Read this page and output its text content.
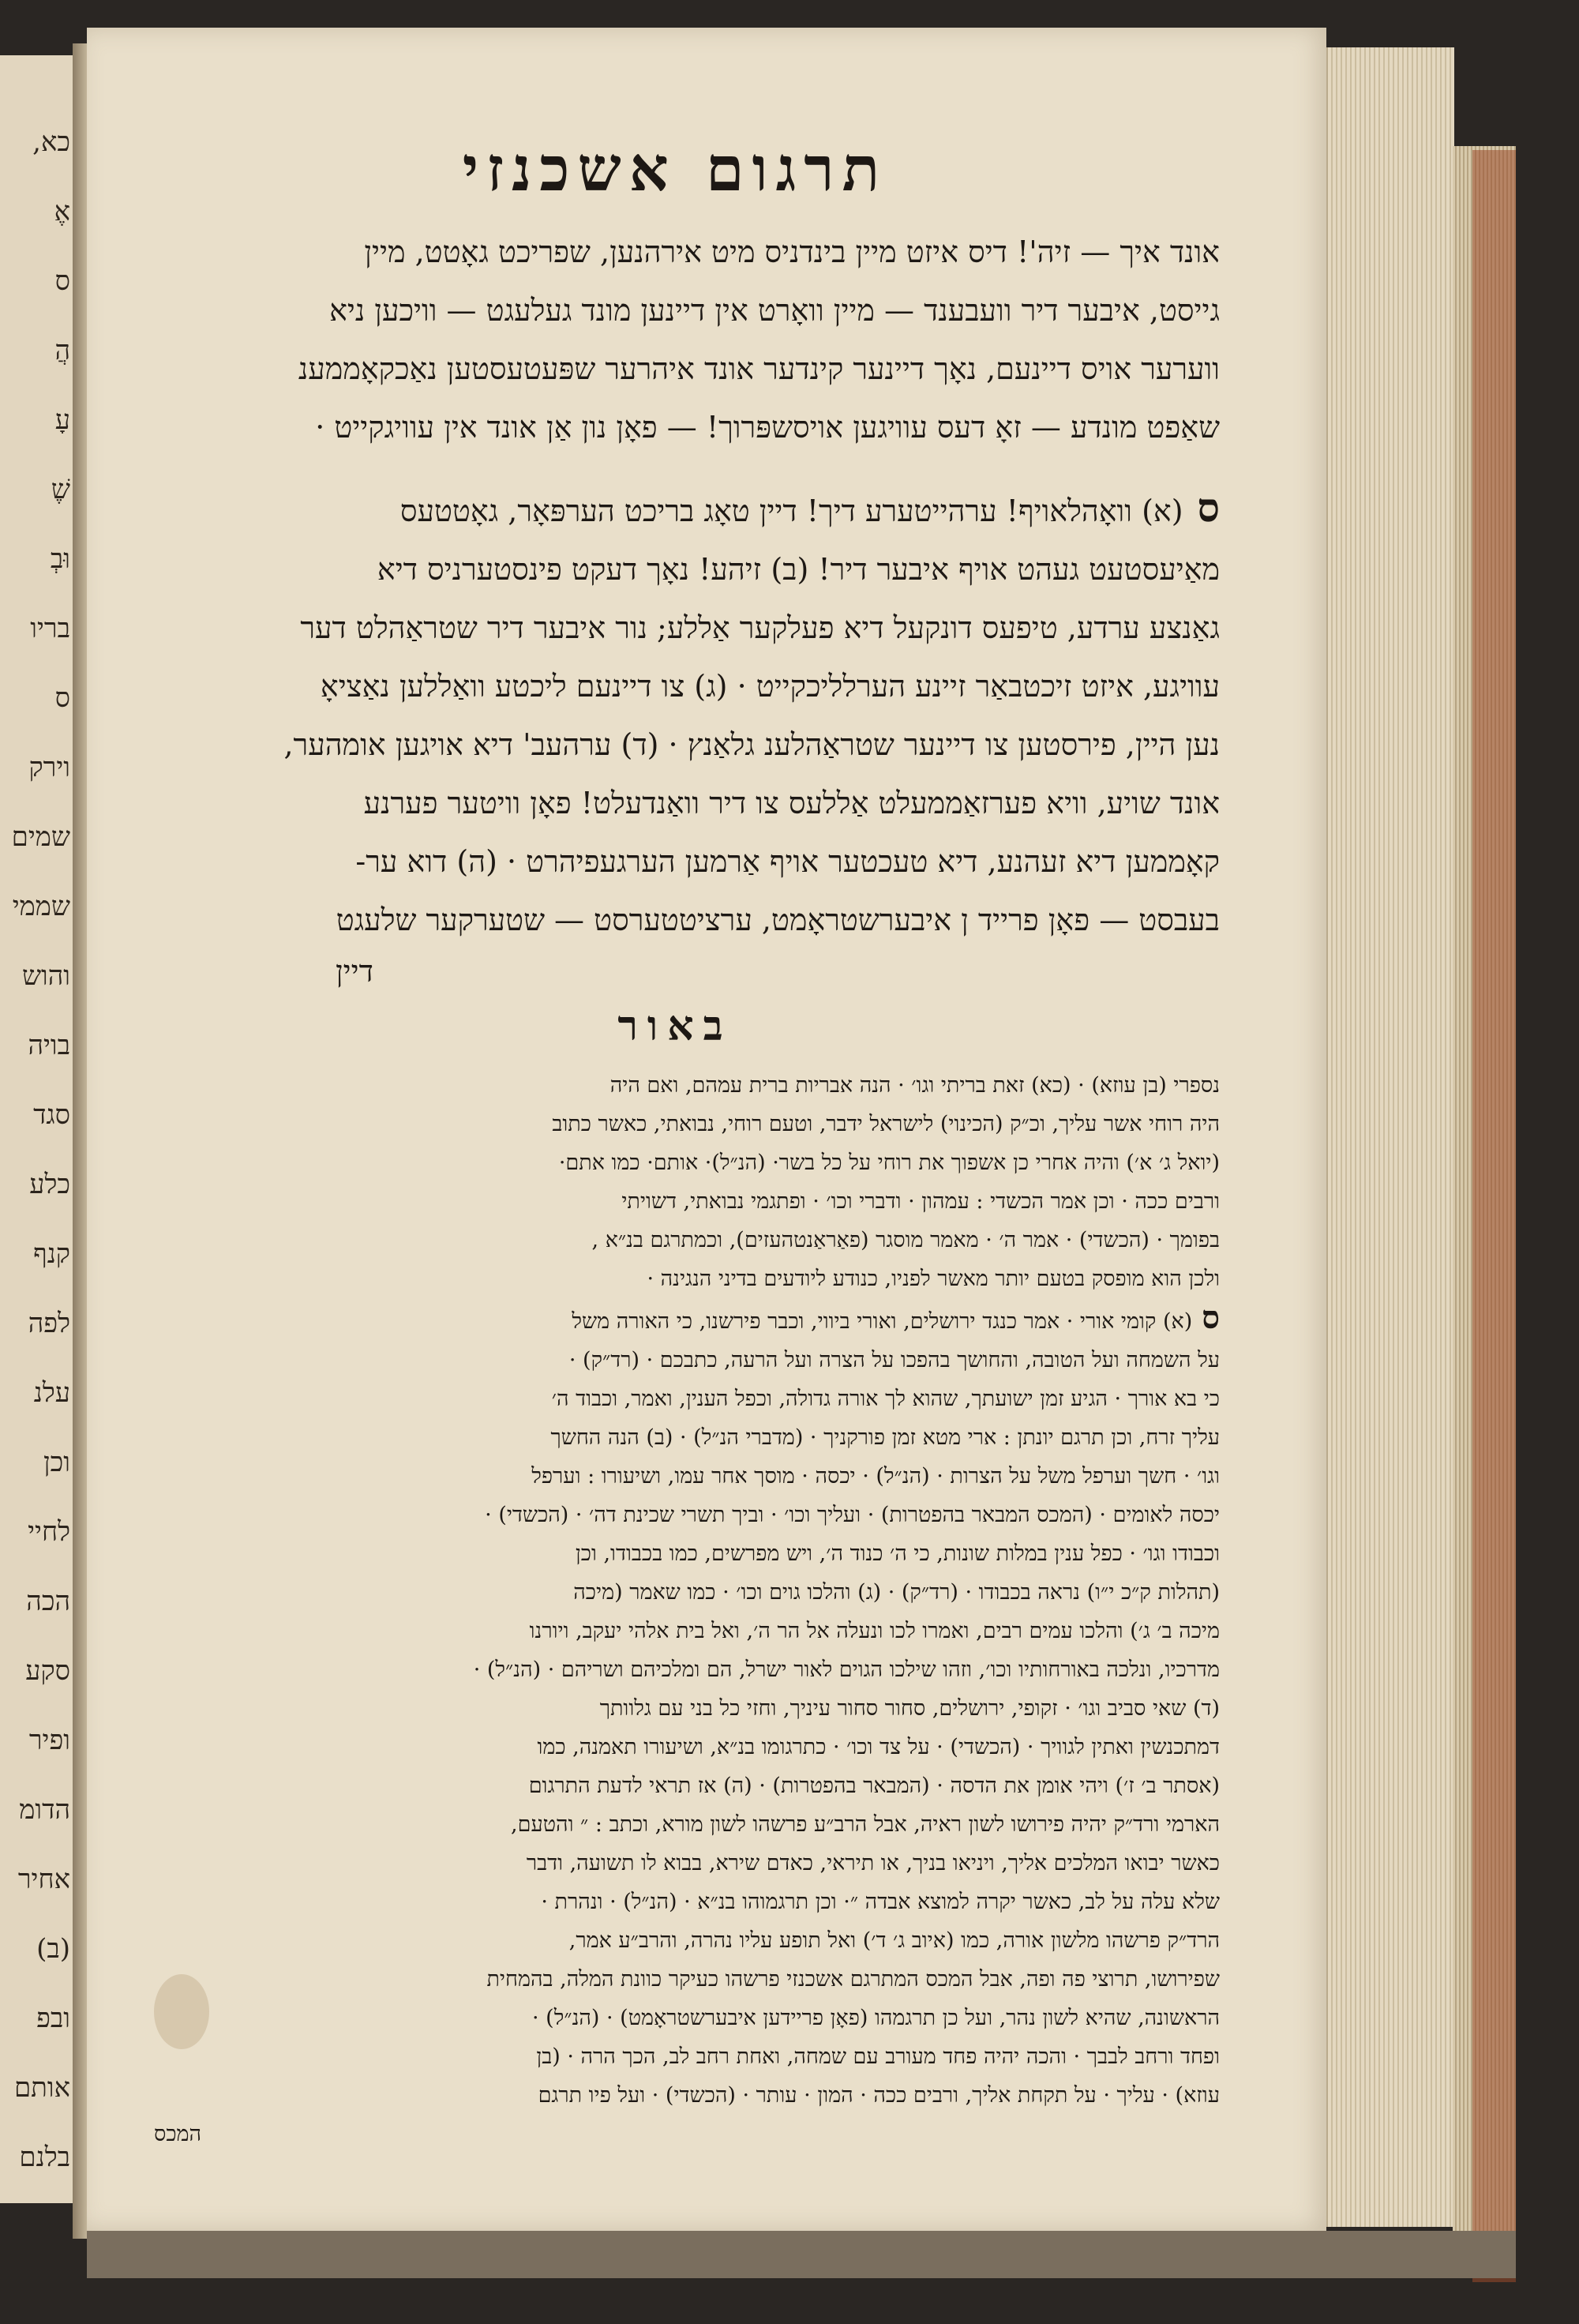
כא,
אֶ
ס
הֲ
עָ
שֶׁ
וּבְ
בריו
ס
וירק
שמים
שממי
והוש
בויה
סגד
כלע
קנף
לפה
עלנ
וכן
לחיי
הכה
סקע
ופיר
הדומ
אחיר
(ב)
ובפ
אותם
בלנם
תרגום אשכנזי
אונד איך — זיה'! דיס איזט מיין בינדניס מיט אירהנען, שפריכט גאָטט, מיין
גייסט, איבער דיר וועבענד — מיין וואָרט אין דיינען מונד געלעגט — וויכען ניא
ווערער אויס דיינעם, נאָך דיינער קינדער אונד איהרער שפּעטעסטען נאַכקאָממענ
שאַפט מונדע — זאָ דעס עוויגען אויסשפּרוך! — פאָן נון אַן אונד אין עוויגקייט ·
ס(א) וואָהלאויף! ערהייטערע דיך! דיין טאָג בריכט הערפּאָר, גאָטטעס
מאַיעסטעט געהט אויף איבער דיר! (ב) זיהע! נאָך דעקט פינסטערניס דיא
גאַנצע ערדע, טיפעס דונקעל דיא פעלקער אַללע; נור איבער דיר שטראַהלט דער
עוויגע, איזט זיכטבאַר זיינע הערלליכקייט · (ג) צו דיינעם ליכטע וואַללען נאַציאָ
נען היין, פירסטען צו דיינער שטראַהלענ גלאַנץ · (ד) ערהעב' דיא אויגען אומהער,
אונד שויע, וויא פערזאַממעלט אַללעס צו דיר וואַנדעלט! פאָן וויטער פערנע
קאָממען דיא זעהנע, דיא טעכטער אויף אַרמען הערגעפיהרט · (ה) דוא ער-
בעבסט — פאָן פרייד ן איבערשטראָמט, ערציטטערסט — שטערקער שלעגט
דיין
באור
נספרי (בן עוזא) · (כא) זאת בריתי וגו׳ · הנה אבריות ברית עמהם, ואם היה
היה רוחי אשר עליך, וכ״ק (הכינוי) לישראל ידבר, וטעם רוחי, נבואתי, כאשר כתוב
(יואל ג׳ א׳) והיה אחרי כן אשפוך את רוחי על כל בשר· (הנ״ל)· אותם· כמו אתם·
ורבים ככה · וכן אמר הכשדי : עמהון · ודברי וכו׳ · ופתגמי נבואתי, דשויתי
בפומך · (הכשדי) · אמר ה׳ · מאמר מוסגר (פאַראַנטהעזים), וכמתרגם בנ״א ,
ולכן הוא מופסק בטעם יותר מאשר לפניו, כנודע ליודעים בדיני הנגינה ·
ס(א) קומי אורי · אמר כנגד ירושלים, ואורי ביווי, וכבר פירשנו, כי האורה משל
על השמחה ועל הטובה, והחושך בהפכו על הצרה ועל הרעה, כתבכם · (רד״ק) ·
כי בא אורך · הגיע זמן ישועתך, שהוא לך אורה גדולה, וכפל הענין, ואמר, וכבוד ה׳
עליך זרח, וכן תרגם יונתן : ארי מטא זמן פורקניך · (מדברי הנ״ל) · (ב) הנה החשך
וגו׳ · חשך וערפל משל על הצרות · (הנ״ל) · יכסה · מוסך אחר עמו, ושיעורו : וערפל
יכסה לאומים · (המכס המבאר בהפטרות) · ועליך וכו׳ · וביך תשרי שכינת דה׳ · (הכשדי) ·
וכבודו וגו׳ · כפל ענין במלות שונות, כי ה׳ כנוד ה׳, ויש מפרשים, כמו בכבודו, וכן
(תהלות ק״כ י״ו) נראה בכבודו · (רד״ק) · (ג) והלכו גוים וכו׳ · כמו שאמר (מיכה
מיכה ב׳ ג׳) והלכו עמים רבים, ואמרו לכו ונעלה אל הר ה׳, ואל בית אלהי יעקב, ויורנו
מדרכיו, ונלכה באורחותיו וכו׳, וזהו שילכו הגוים לאור ישרל, הם ומלכיהם ושריהם · (הנ״ל) ·
(ד) שאי סביב וגו׳ · זקופי, ירושלים, סחור סחור עיניך, וחזי כל בני עם גלוותך
דמתכנשין ואתין לגוויך · (הכשדי) · על צד וכו׳ · כתרגומו בנ״א, ושיעורו תאמנה, כמו
(אסתר ב׳ ז׳) ויהי אומן את הדסה · (המבאר בהפטרות) · (ה) אז תראי לדעת התרגום
הארמי ורד״ק יהיה פירושו לשון ראיה, אבל הרב״ע פרשהו לשון מורא, וכתב : ״ והטעם,
כאשר יבואו המלכים אליך, ויניאו בניך, או תיראי, כאדם שירא, בבוא לו תשועה, ודבר
שלא עלה על לב, כאשר יקרה למוצא אבדה ״· וכן תרגמוהו בנ״א · (הנ״ל) · ונהרת ·
הרד״ק פרשהו מלשון אורה, כמו (איוב ג׳ ד׳) ואל תופע עליו נהרה, והרב״ע אמר,
שפירושו, תרוצי פה ופה, אבל המכס המתרגם אשכנזי פרשהו כעיקר כוונת המלה, בהמחית
הראשונה, שהיא לשון נהר, ועל כן תרגמהו (פאָן פריידען איבערשטראָמט) · (הנ״ל) ·
ופחד ורחב לבבך · והכה יהיה פחד מעורב עם שמחה, ואחת רחב לב, הכך הרה · (בן
עוזא) · עליך · על תקחת אליך, ורבים ככה · המון · עותר · (הכשדי) · ועל פיו תרגם
המכס
